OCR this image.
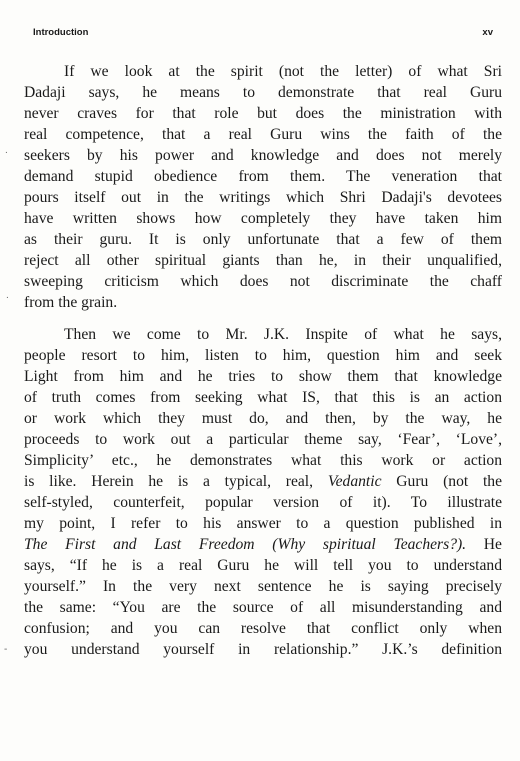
Introduction	xv
If we look at the spirit (not the letter) of what Sri
Dadaji says, he means to demonstrate that real Guru
never craves for that role but does the ministration with
real competence, that a real Guru wins the faith of the
seekers by his power and knowledge and does not merely
demand stupid obedience from them. The veneration that
pours itself out in the writings which Shri Dadaji's devotees
have written shows how completely they have taken him
as their guru. It is only unfortunate that a few of them
reject all other spiritual giants than he, in their unqualified,
sweeping criticism which does not discriminate the chaff
from the grain.
Then we come to Mr. J.K. Inspite of what he says,
people resort to him, listen to him, question him and seek
Light from him and he tries to show them that knowledge
of truth comes from seeking what IS, that this is an action
or work which they must do, and then, by the way, he
proceeds to work out a particular theme say, ‘Fear’, ‘Love’,
Simplicity’ etc., he demonstrates what this work or action
is like. Herein he is a typical, real, Vedantic Guru (not the
self-styled, counterfeit, popular version of it). To illustrate
my point, I refer to his answer to a question published in
The First and Last Freedom (Why spiritual Teachers?). He
says, “If he is a real Guru he will tell you to understand
yourself.” In the very next sentence he is saying precisely
the same: “You are the source of all misunderstanding and
confusion; and you can resolve that conflict only when
you understand yourself in relationship.” J.K.’s definition
.
.
-
